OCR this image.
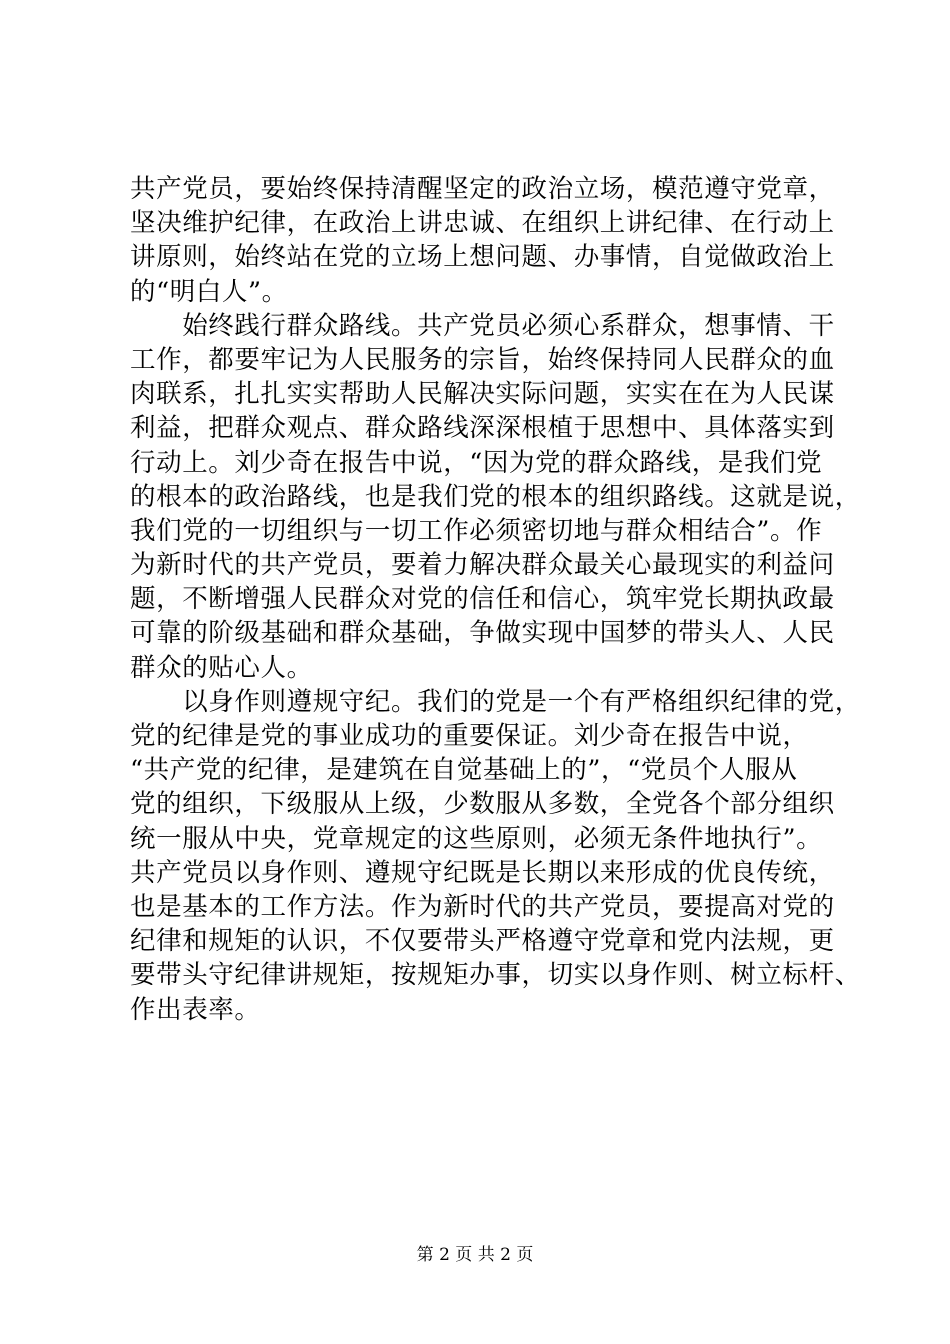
共产党员，要始终保持清醒坚定的政治立场，模范遵守党章，
坚决维护纪律，在政治上讲忠诚、在组织上讲纪律、在行动上
讲原则，始终站在党的立场上想问题、办事情，自觉做政治上
的“明白人”。
　　始终践行群众路线。共产党员必须心系群众，想事情、干
工作，都要牢记为人民服务的宗旨，始终保持同人民群众的血
肉联系，扎扎实实帮助人民解决实际问题，实实在在为人民谋
利益，把群众观点、群众路线深深根植于思想中、具体落实到
行动上。刘少奇在报告中说，“因为党的群众路线，是我们党
的根本的政治路线，也是我们党的根本的组织路线。这就是说，
我们党的一切组织与一切工作必须密切地与群众相结合”。作
为新时代的共产党员，要着力解决群众最关心最现实的利益问
题，不断增强人民群众对党的信任和信心，筑牢党长期执政最
可靠的阶级基础和群众基础，争做实现中国梦的带头人、人民
群众的贴心人。
　　以身作则遵规守纪。我们的党是一个有严格组织纪律的党，
党的纪律是党的事业成功的重要保证。刘少奇在报告中说，
“共产党的纪律，是建筑在自觉基础上的”，“党员个人服从
党的组织，下级服从上级，少数服从多数，全党各个部分组织
统一服从中央，党章规定的这些原则，必须无条件地执行”。
共产党员以身作则、遵规守纪既是长期以来形成的优良传统，
也是基本的工作方法。作为新时代的共产党员，要提高对党的
纪律和规矩的认识，不仅要带头严格遵守党章和党内法规，更
要带头守纪律讲规矩，按规矩办事，切实以身作则、树立标杆、
作出表率。
第 2 页 共 2 页
